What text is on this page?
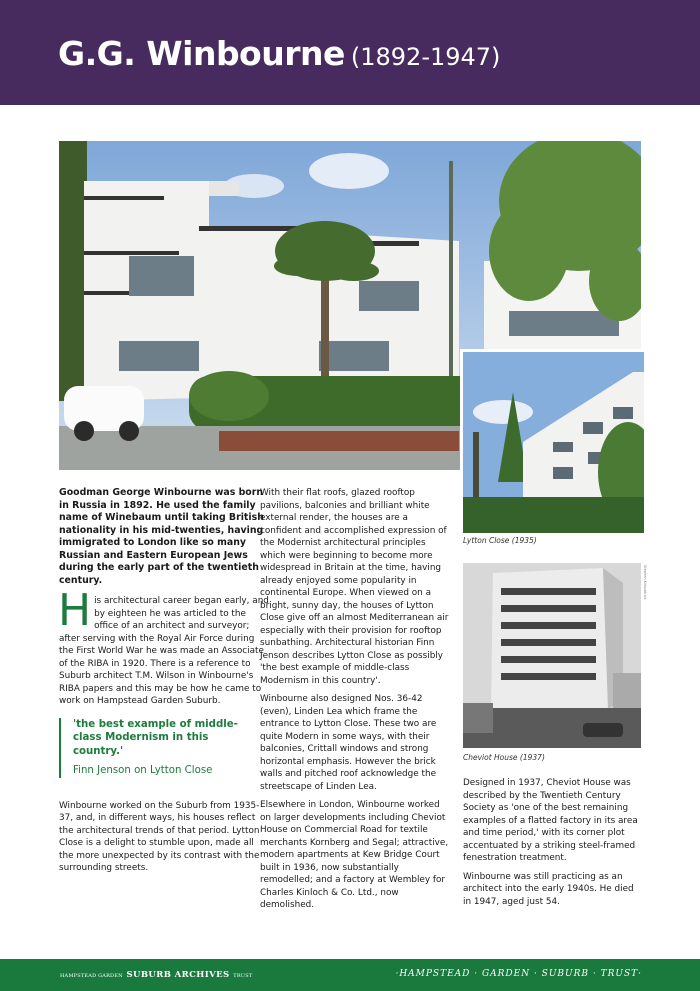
G.G. Winbourne (1892-1947)
Lytton Close (1935)
Stephen Kirkpatrick
Cheviot House (1937)

Goodman George Winbourne was born in Russia in 1892. He used the family name of Winebaum until taking British nationality in his mid-twenties, having immigrated to London like so many Russian and Eastern European Jews during the early part of the twentieth century.

His architectural career began early, and by eighteen he was articled to the office of an architect and surveyor; after serving with the Royal Air Force during the First World War he was made an Associate of the RIBA in 1920. There is a reference to Suburb architect T.M. Wilson in Winbourne's RIBA papers and this may be how he came to work on Hampstead Garden Suburb.

'the best example of middle-class Modernism in this country.'
Finn Jenson on Lytton Close

Winbourne worked on the Suburb from 1935-37, and, in different ways, his houses reflect the architectural trends of that period. Lytton Close is a delight to stumble upon, made all the more unexpected by its contrast with the surrounding streets.

With their flat roofs, glazed rooftop pavilions, balconies and brilliant white external render, the houses are a confident and accomplished expression of the Modernist architectural principles which were beginning to become more widespread in Britain at the time, having already enjoyed some popularity in continental Europe. When viewed on a bright, sunny day, the houses of Lytton Close give off an almost Mediterranean air especially with their provision for rooftop sunbathing. Architectural historian Finn Jenson describes Lytton Close as possibly 'the best example of middle-class Modernism in this country'.

Winbourne also designed Nos. 36-42 (even), Linden Lea which frame the entrance to Lytton Close. These two are quite Modern in some ways, with their balconies, Crittall windows and strong horizontal emphasis. However the brick walls and pitched roof acknowledge the streetscape of Linden Lea.

Elsewhere in London, Winbourne worked on larger developments including Cheviot House on Commercial Road for textile merchants Kornberg and Segal; attractive, modern apartments at Kew Bridge Court built in 1936, now substantially remodelled; and a factory at Wembley for Charles Kinloch & Co. Ltd., now demolished.

Designed in 1937, Cheviot House was described by the Twentieth Century Society as 'one of the best remaining examples of a flatted factory in its area and time period,' with its corner plot accentuated by a striking steel-framed fenestration treatment.

Winbourne was still practicing as an architect into the early 1940s. He died in 1947, aged just 54.

HAMPSTEAD GARDEN SUBURB ARCHIVES TRUST	·HAMPSTEAD · GARDEN · SUBURB · TRUST·
